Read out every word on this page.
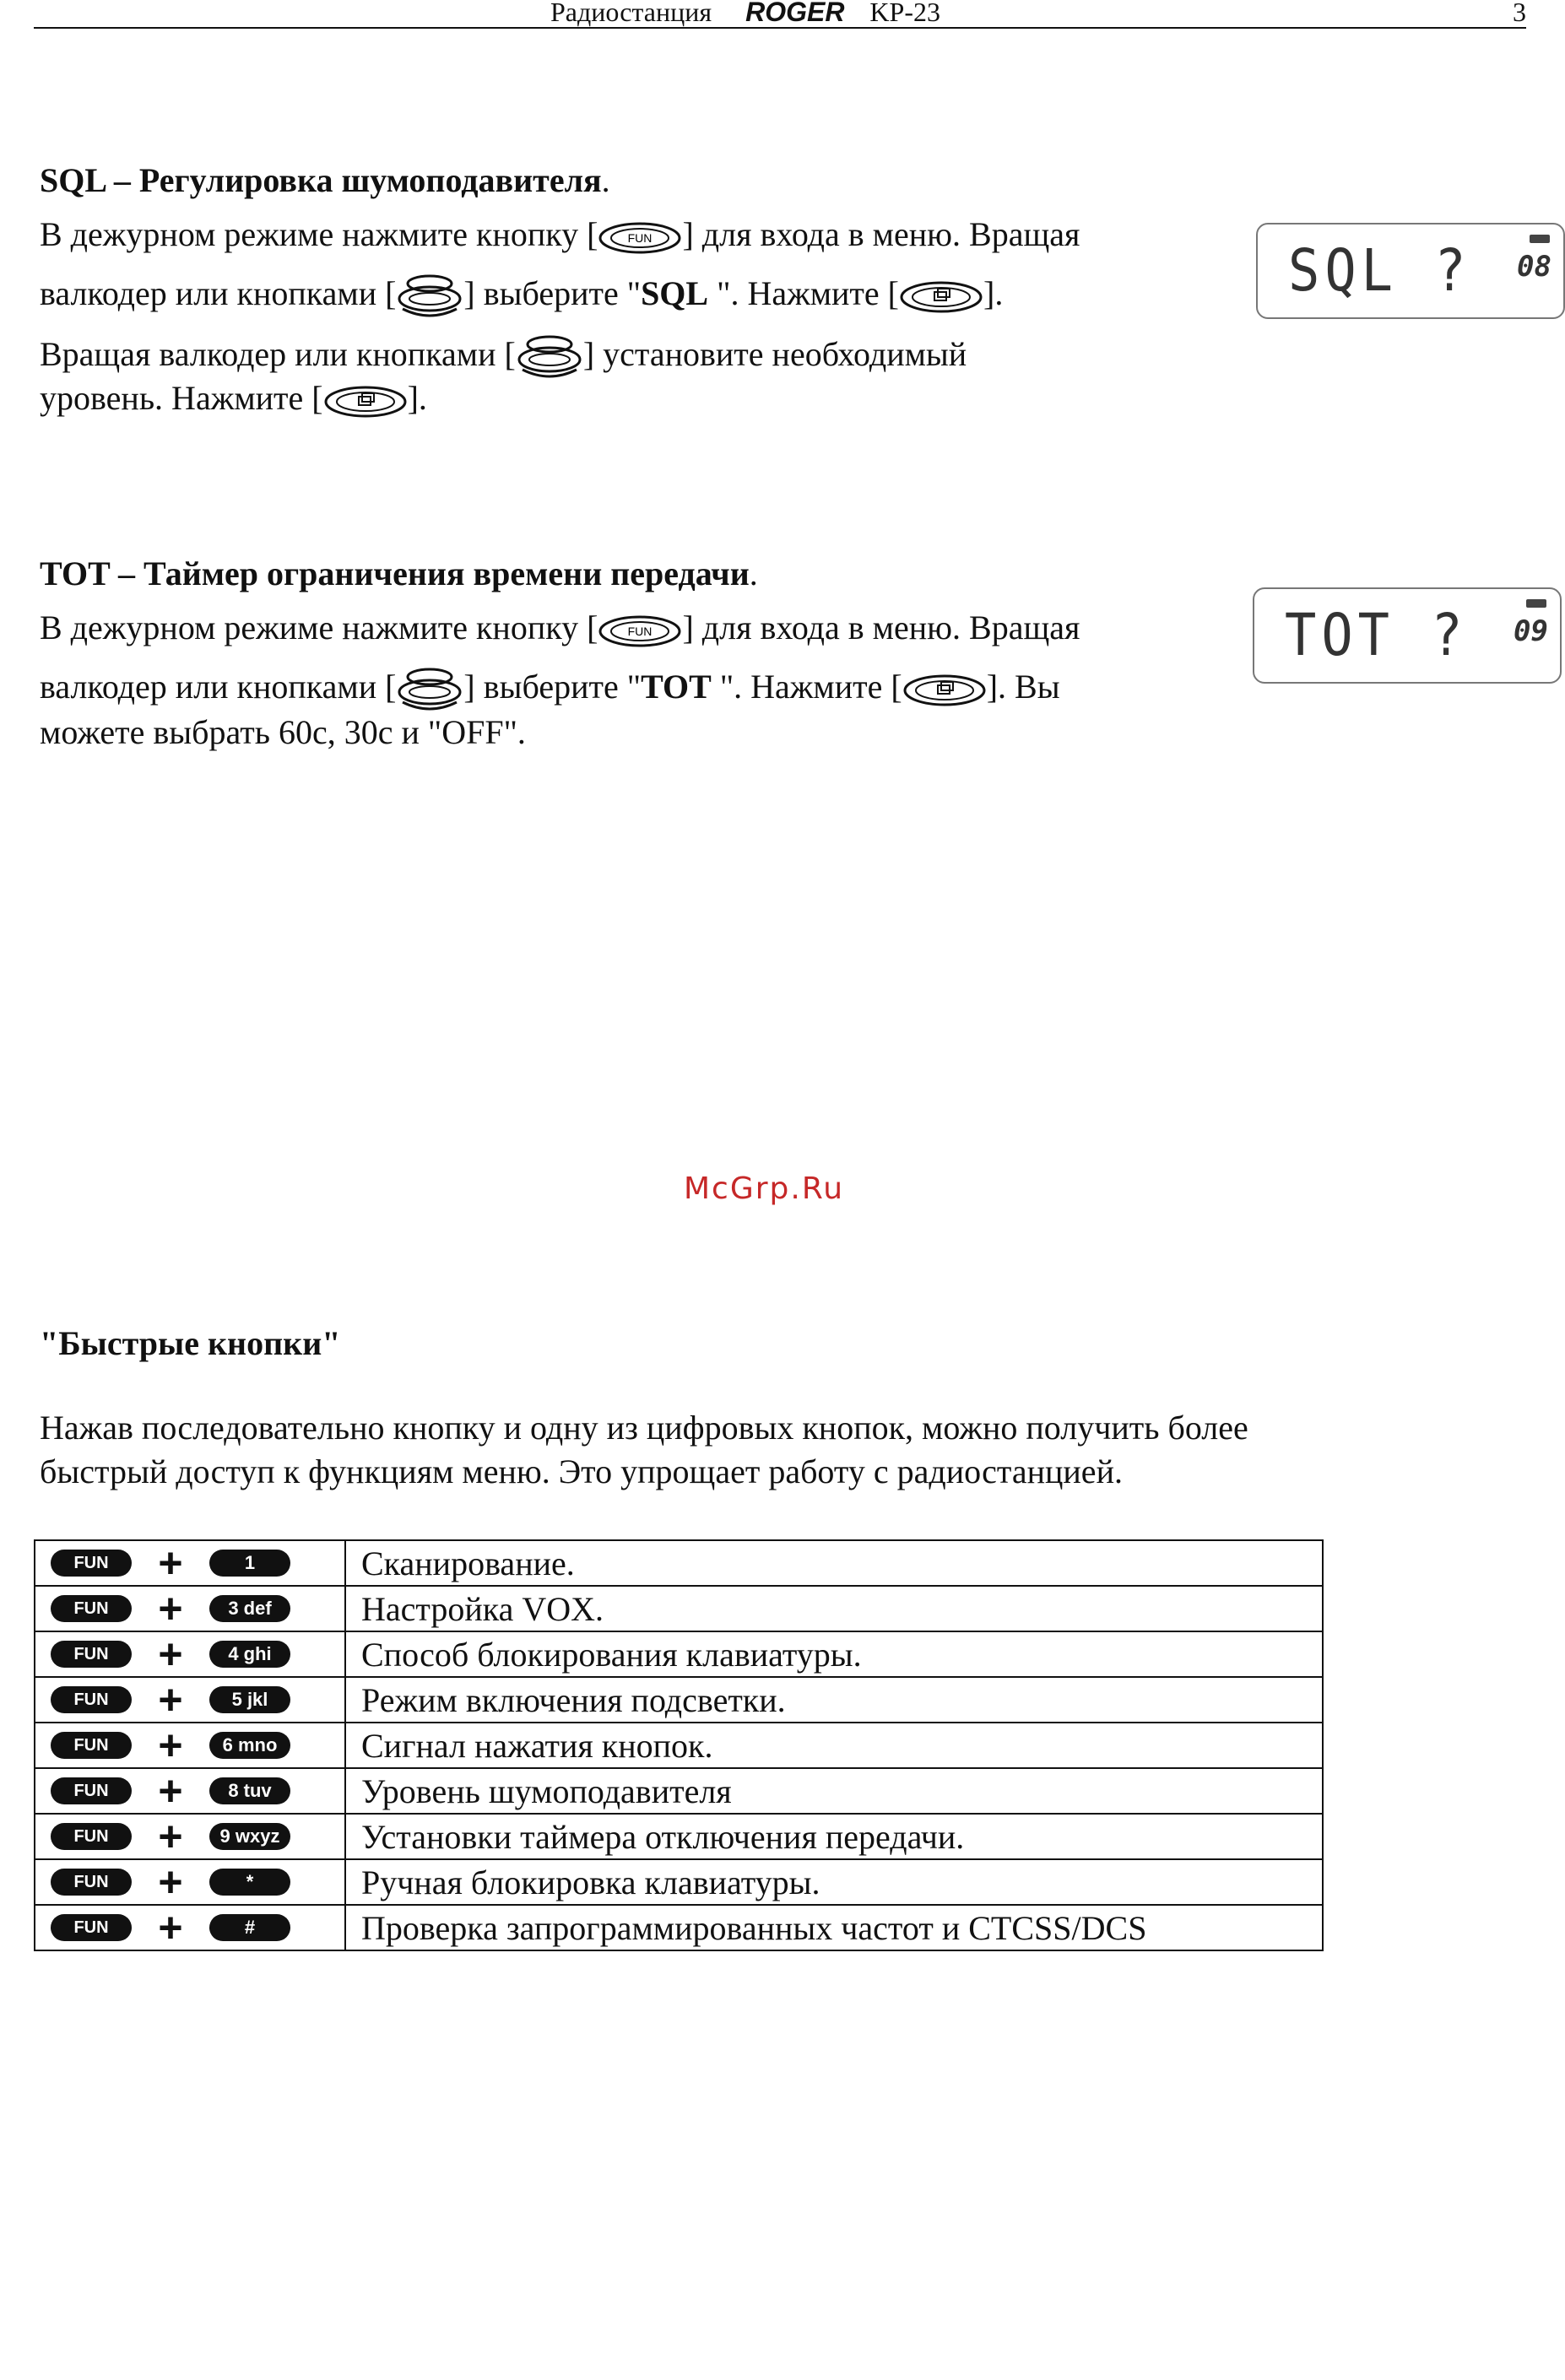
Радиостанция ROGER KP-23	3
SQL – Регулировка шумоподавителя.
В дежурном режиме нажмите кнопку [	FUN ] для входа в меню. Вращая
валкодер или кнопками [ ] выберите "SQL ". Нажмите [	].
Вращая валкодер или кнопками [ ] установите необходимый
уровень. Нажмите [	].
SQL ? 08
TOT – Таймер ограничения времени передачи.
В дежурном режиме нажмите кнопку [	FUN ] для входа в меню. Вращая
валкодер или кнопками [ ] выберите "TOT ". Нажмите [	]. Вы
можете выбрать 60с, 30с и "OFF".
TOT ? 09
McGrp.Ru
"Быстрые кнопки"
Нажав последовательно кнопку и одну из цифровых кнопок, можно получить более
быстрый доступ к функциям меню. Это упрощает работу с радиостанцией.
FUN + 1	Сканирование.
FUN + 3 def	Настройка VOX.
FUN + 4 ghi	Способ блокирования клавиатуры.
FUN + 5 jkl	Режим включения подсветки.
FUN + 6 mno	Сигнал нажатия кнопок.
FUN + 8 tuv	Уровень шумоподавителя
FUN + 9 wxyz	Установки таймера отключения передачи.
FUN + *	Ручная блокировка клавиатуры.
FUN + #	Проверка запрограммированных частот и CTCSS/DCS
